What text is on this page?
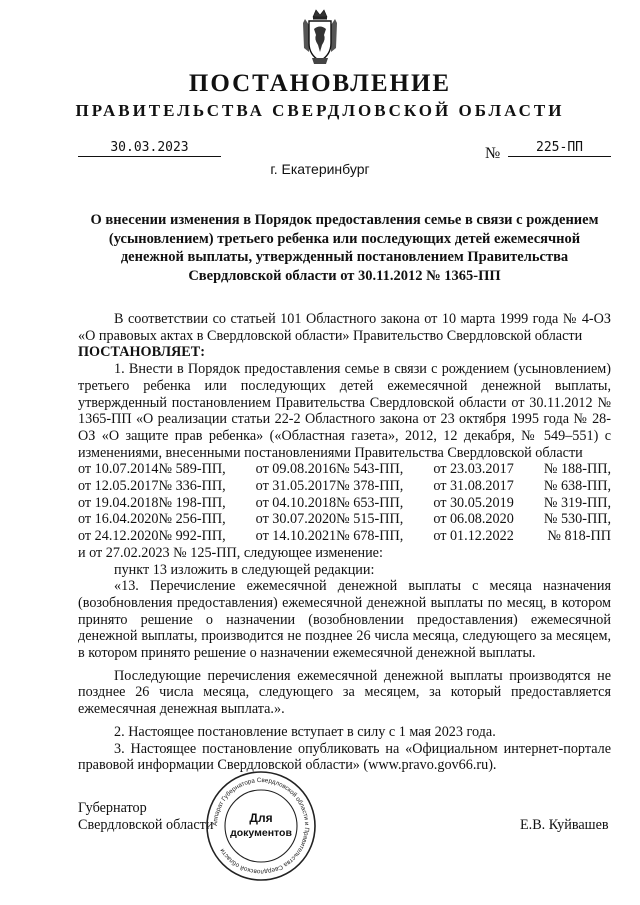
ПОСТАНОВЛЕНИЕ
ПРАВИТЕЛЬСТВА СВЕРДЛОВСКОЙ ОБЛАСТИ
30.03.2023	№	225-ПП
г. Екатеринбург
О внесении изменения в Порядок предоставления семье в связи с рождением (усыновлением) третьего ребенка или последующих детей ежемесячной денежной выплаты, утвержденный постановлением Правительства Свердловской области от 30.11.2012 № 1365-ПП

В соответствии со статьей 101 Областного закона от 10 марта 1999 года № 4-ОЗ «О правовых актах в Свердловской области» Правительство Свердловской области

ПОСТАНОВЛЯЕТ:

1. Внести в Порядок предоставления семье в связи с рождением (усыновлением) третьего ребенка или последующих детей ежемесячной денежной выплаты, утвержденный постановлением Правительства Свердловской области от 30.11.2012 № 1365-ПП «О реализации статьи 22-2 Областного закона от 23 октября 1995 года № 28-ОЗ «О защите прав ребенка» («Областная газета», 2012, 12 декабря, № 549–551) с изменениями, внесенными постановлениями Правительства Свердловской области

от 10.07.2014	№ 589-ПП,	от 09.08.2016	№ 543-ПП,	от 23.03.2017	№ 188-ПП,
от 12.05.2017	№ 336-ПП,	от 31.05.2017	№ 378-ПП,	от 31.08.2017	№ 638-ПП,
от 19.04.2018	№ 198-ПП,	от 04.10.2018	№ 653-ПП,	от 30.05.2019	№ 319-ПП,
от 16.04.2020	№ 256-ПП,	от 30.07.2020	№ 515-ПП,	от 06.08.2020	№ 530-ПП,
от 24.12.2020	№ 992-ПП,	от 14.10.2021	№ 678-ПП,	от 01.12.2022	№ 818-ПП

и от 27.02.2023 № 125-ПП, следующее изменение:

пункт 13 изложить в следующей редакции:

«13. Перечисление ежемесячной денежной выплаты с месяца назначения (возобновления предоставления) ежемесячной денежной выплаты по месяц, в котором принято решение о назначении (возобновлении предоставления) ежемесячной денежной выплаты, производится не позднее 26 числа месяца, следующего за месяцем, в котором принято решение о назначении ежемесячной денежной выплаты.

Последующие перечисления ежемесячной денежной выплаты производятся не позднее 26 числа месяца, следующего за месяцем, за который предоставляется ежемесячная денежная выплата.».

2. Настоящее постановление вступает в силу с 1 мая 2023 года.

3. Настоящее постановление опубликовать на «Официальном интернет-портале правовой информации Свердловской области» (www.pravo.gov66.ru).

Губернатор
Свердловской области	Е.В. Куйвашев
Аппарат Губернатора Свердловской области и Правительства Свердловской области
Для
документов
